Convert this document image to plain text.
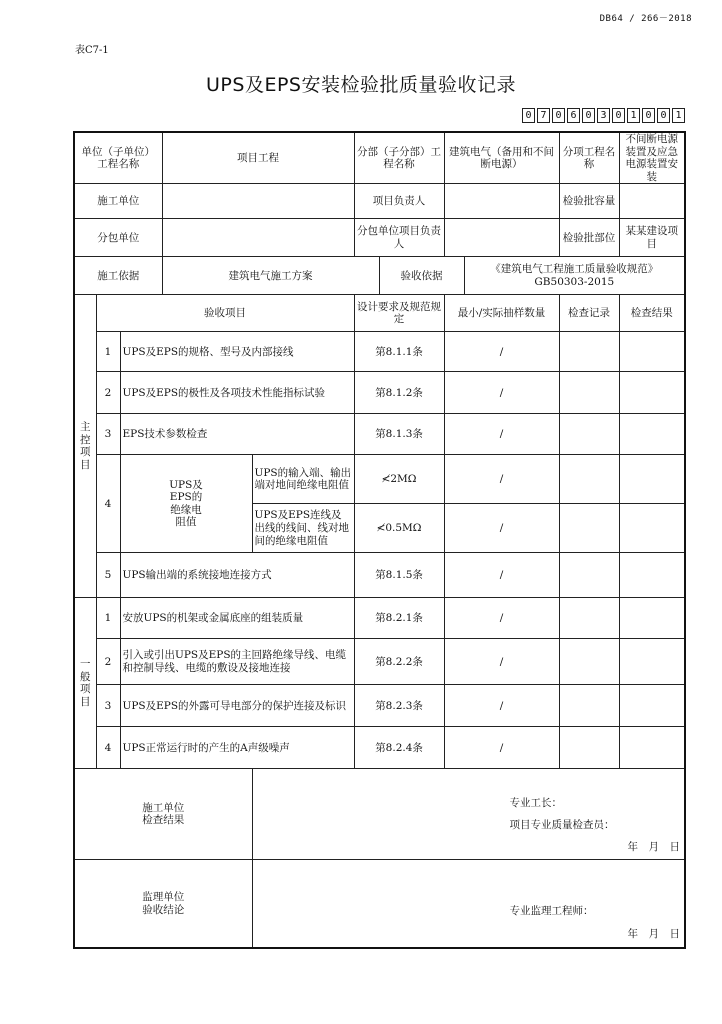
DB64 / 266－2018
表C7-1
UPS及EPS安装检验批质量验收记录
0 7 0 6 0 3 0 1 0 0 1
单位（子单位）工程名称			项目工程		分部（子分部）工程名称		建筑电气（备用和不间断电源）		分项工程名称	不间断电源装置及应急电源装置安装
施工单位					项目负责人				检验批容量	
分包单位					分包单位项目负责人				检验批部位	某某建设项目
施工依据			建筑电气施工方案			验收依据		《建筑电气工程施工质量验收规范》GB50303-2015		
主控项目	验收项目				设计要求及规范规定		最小/实际抽样数量		检查记录	检查结果
	1	UPS及EPS的规格、型号及内部接线			第8.1.1条		/			
	2	UPS及EPS的极性及各项技术性能指标试验			第8.1.2条		/			
	3	EPS技术参数检查			第8.1.3条		/			
	4	UPS及EPS的绝缘电阻值		UPS的输入端、输出端对地间绝缘电阻值	≮2MΩ		/			
				UPS及EPS连线及出线的线间、线对地间的绝缘电阻值	≮0.5MΩ		/			
	5	UPS输出端的系统接地连接方式			第8.1.5条		/			
一般项目	1	安放UPS的机架或金属底座的组装质量			第8.2.1条		/			
	2	引入或引出UPS及EPS的主回路绝缘导线、电缆和控制导线、电缆的敷设及接地连接			第8.2.2条		/			
	3	UPS及EPS的外露可导电部分的保护连接及标识			第8.2.3条		/			
	4	UPS正常运行时的产生的A声级噪声			第8.2.4条		/			
施工单位检查结果				专业工长：
项目专业质量检查员：
年　月　日						

监理单位验收结论				专业监理工程师：
年　月　日						
